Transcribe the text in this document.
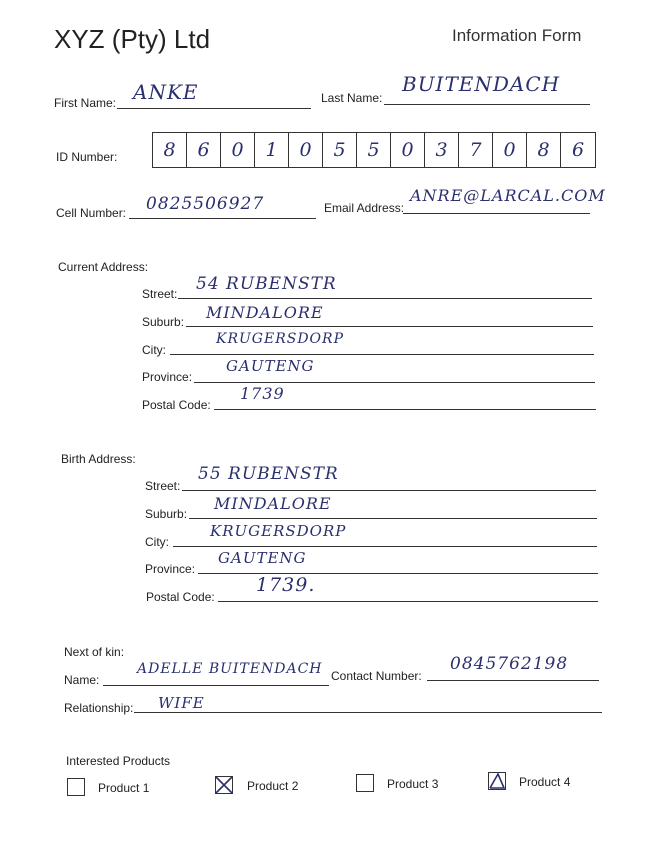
XYZ (Pty) Ltd	Information Form
First Name: ANKE	Last Name:
BUITENDACH
ID Number:	8	6	0	1	0	5	5	0	3	7	0	8	6
Cell Number: 0825506927	Email Address:
ANRE@LARCAL.COM
Current Address:
Street: 54 RUBENSTR
Suburb: MINDALORE
City:
KRUGERSDORP
Province:
GAUTENG
Postal Code:
1739
Birth Address:
Street:
55 RUBENSTR
Suburb:
MINDALORE
City:
KRUGERSDORP
Province:
GAUTENG
Postal Code:
1739.
Next of kin:
Name:
ADELLE BUITENDACH Contact Number:
0845762198
Relationship: WIFE
Interested Products
Product 1	Product 2	Product 3	Product 4
